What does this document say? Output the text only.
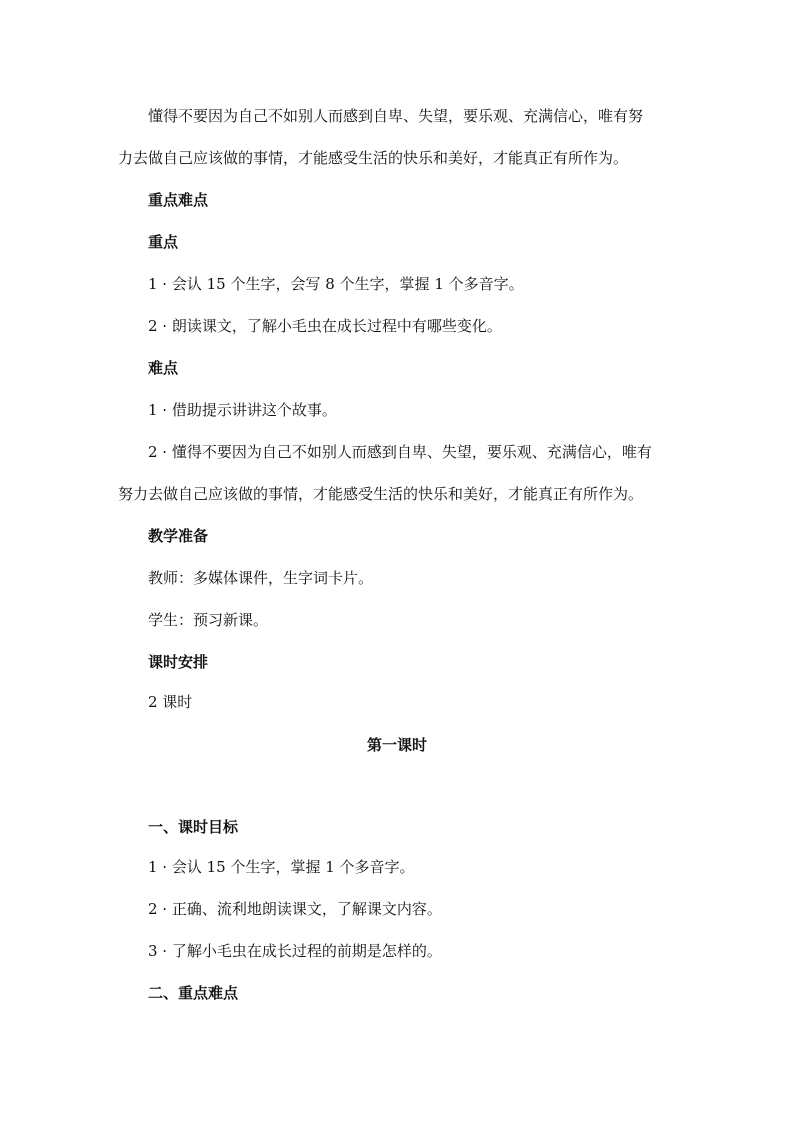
懂得不要因为自己不如别人而感到自卑、失望，要乐观、充满信心，唯有努
力去做自己应该做的事情，才能感受生活的快乐和美好，才能真正有所作为。
重点难点
重点
1 · 会认 15 个生字，会写 8 个生字，掌握 1 个多音字。
2 · 朗读课文，了解小毛虫在成长过程中有哪些变化。
难点
1 · 借助提示讲讲这个故事。
2 · 懂得不要因为自己不如别人而感到自卑、失望，要乐观、充满信心，唯有
努力去做自己应该做的事情，才能感受生活的快乐和美好，才能真正有所作为。
教学准备
教师：多媒体课件，生字词卡片。
学生：预习新课。
课时安排
2 课时
第一课时
一、课时目标
1 · 会认 15 个生字，掌握 1 个多音字。
2 · 正确、流利地朗读课文，了解课文内容。
3 · 了解小毛虫在成长过程的前期是怎样的。
二、重点难点
